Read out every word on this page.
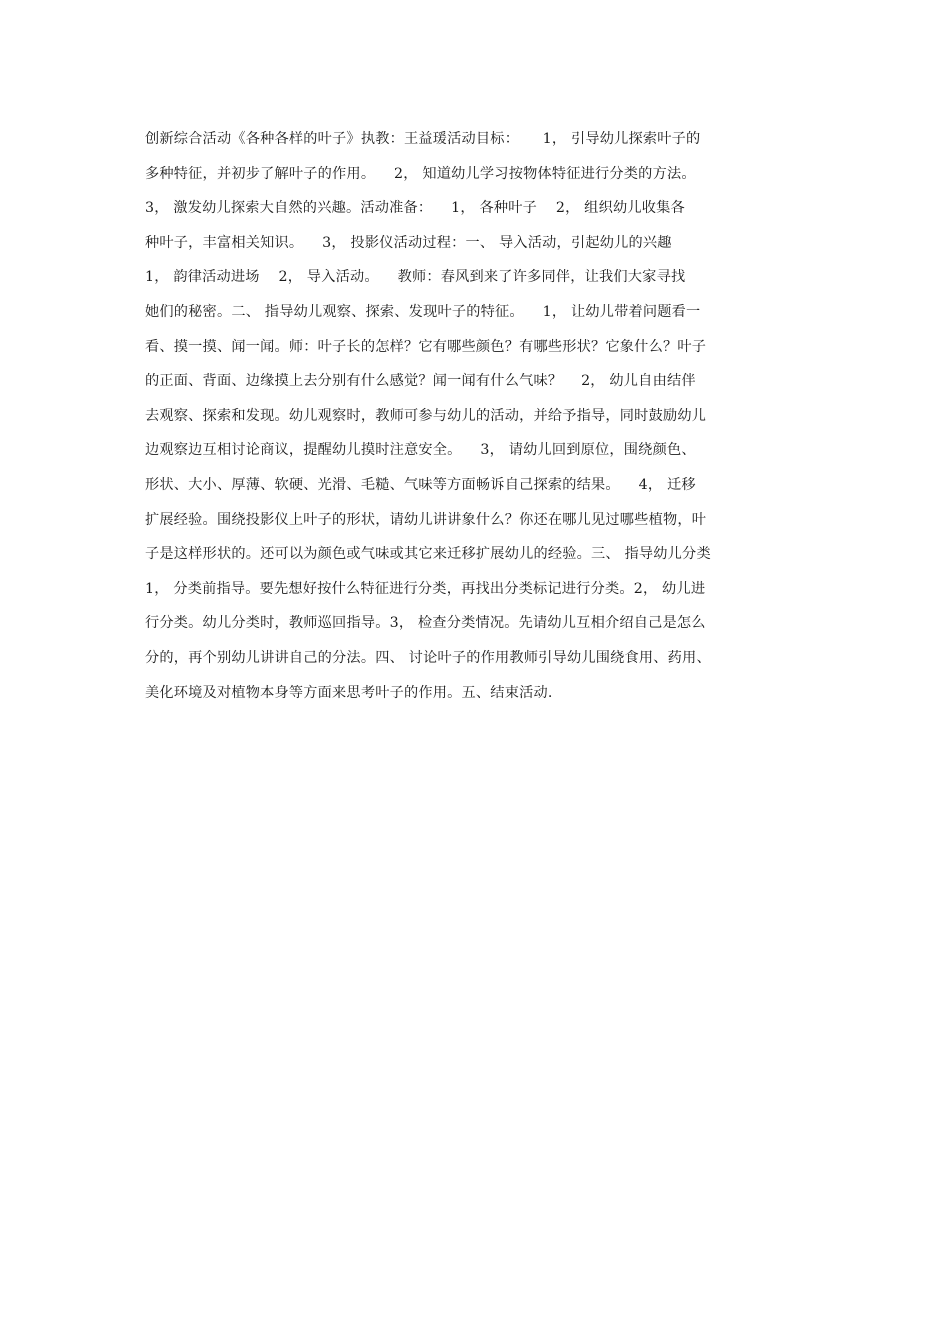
创新综合活动《各种各样的叶子》执教：王益瑗活动目标：     1， 引导幼儿探索叶子的
多种特征，并初步了解叶子的作用。    2， 知道幼儿学习按物体特征进行分类的方法。
3， 激发幼儿探索大自然的兴趣。活动准备：    1， 各种叶子    2， 组织幼儿收集各
种叶子，丰富相关知识。    3， 投影仪活动过程：一、 导入活动，引起幼儿的兴趣
1， 韵律活动进场    2， 导入活动。    教师：春风到来了许多同伴，让我们大家寻找
她们的秘密。二、 指导幼儿观察、探索、发现叶子的特征。    1， 让幼儿带着问题看一
看、摸一摸、闻一闻。师：叶子长的怎样？它有哪些颜色？有哪些形状？它象什么？叶子
的正面、背面、边缘摸上去分别有什么感觉？闻一闻有什么气味？    2， 幼儿自由结伴
去观察、探索和发现。幼儿观察时，教师可参与幼儿的活动，并给予指导，同时鼓励幼儿
边观察边互相讨论商议，提醒幼儿摸时注意安全。    3， 请幼儿回到原位，围绕颜色、
形状、大小、厚薄、软硬、光滑、毛糙、气味等方面畅诉自己探索的结果。    4， 迁移
扩展经验。围绕投影仪上叶子的形状，请幼儿讲讲象什么？你还在哪儿见过哪些植物，叶
子是这样形状的。还可以为颜色或气味或其它来迁移扩展幼儿的经验。三、 指导幼儿分类
1， 分类前指导。要先想好按什么特征进行分类，再找出分类标记进行分类。2， 幼儿进
行分类。幼儿分类时，教师巡回指导。3， 检查分类情况。先请幼儿互相介绍自己是怎么
分的，再个别幼儿讲讲自己的分法。四、 讨论叶子的作用教师引导幼儿围绕食用、药用、
美化环境及对植物本身等方面来思考叶子的作用。五、结束活动.
